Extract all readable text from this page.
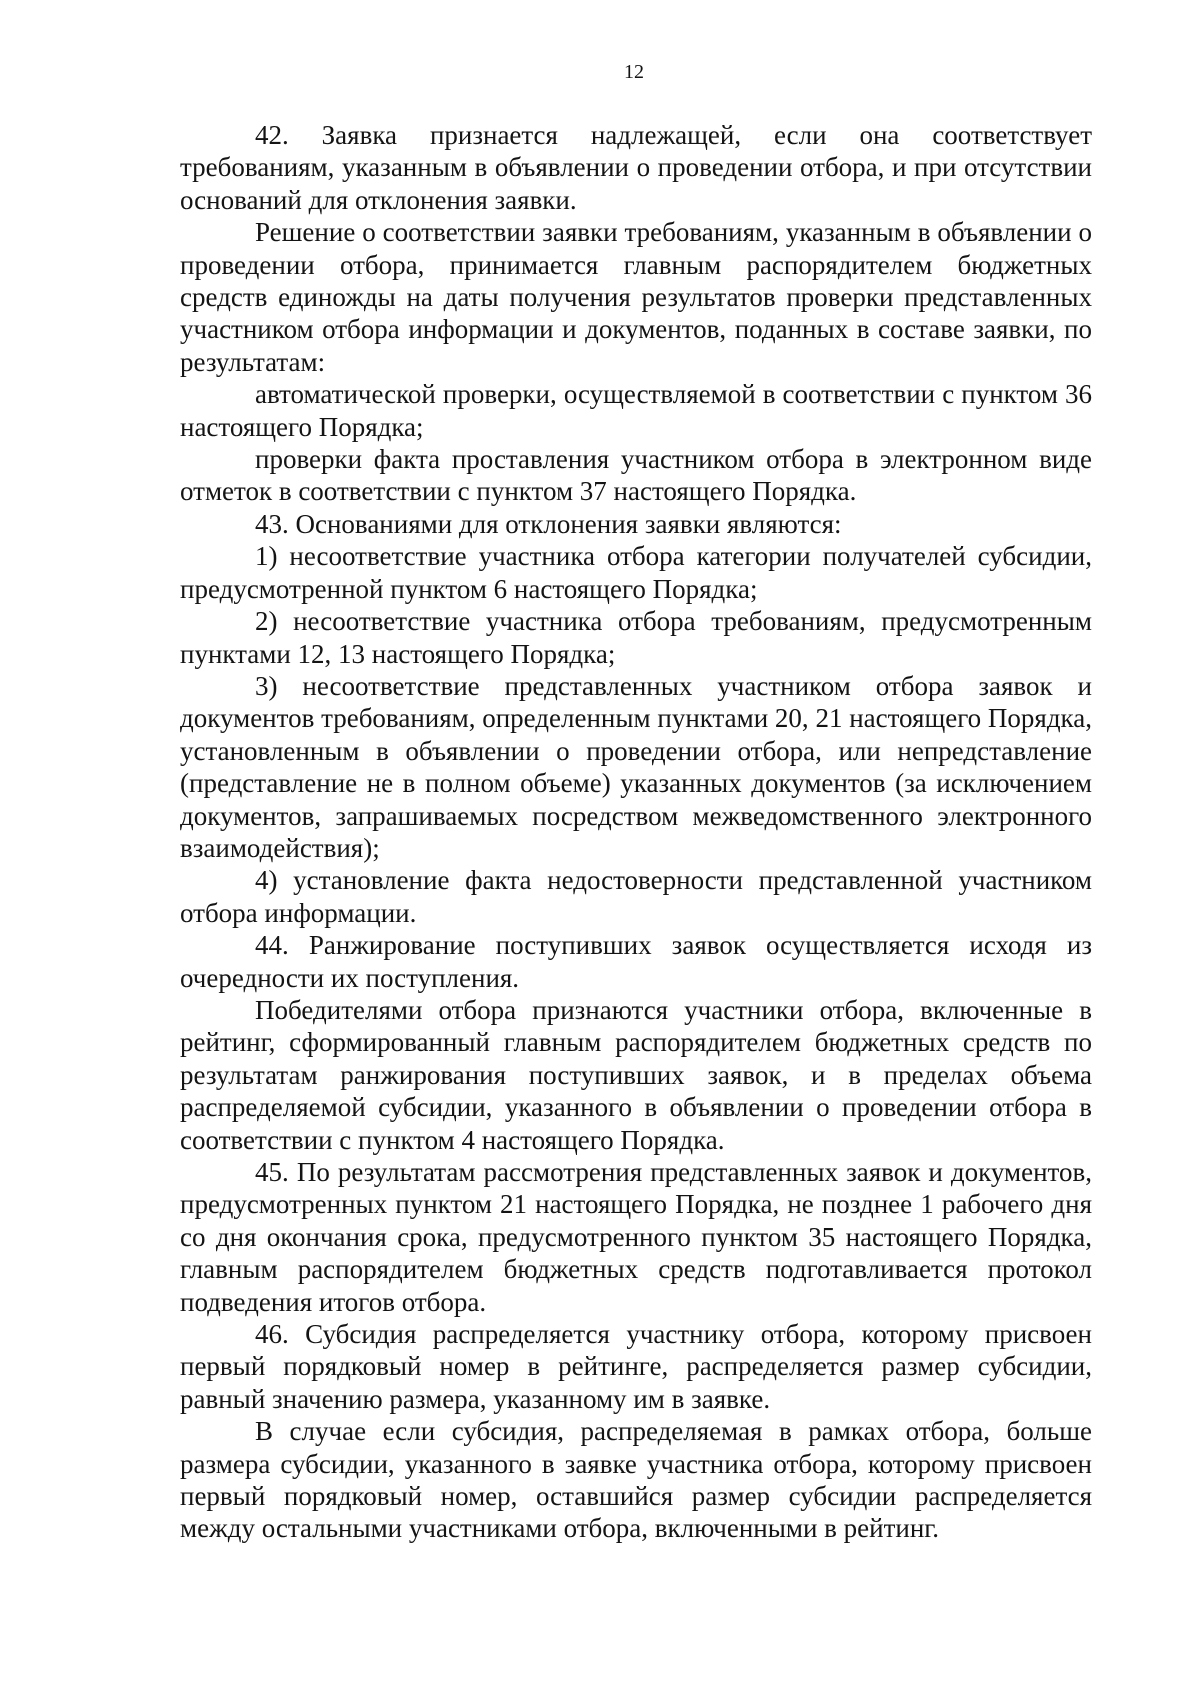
12

42. Заявка признается надлежащей, если она соответствует требованиям, указанным в объявлении о проведении отбора, и при отсутствии оснований для отклонения заявки.

Решение о соответствии заявки требованиям, указанным в объявлении о проведении отбора, принимается главным распорядителем бюджетных средств единожды на даты получения результатов проверки представленных участником отбора информации и документов, поданных в составе заявки, по результатам:

автоматической проверки, осуществляемой в соответствии с пунктом 36 настоящего Порядка;

проверки факта проставления участником отбора в электронном виде отметок в соответствии с пунктом 37 настоящего Порядка.

43. Основаниями для отклонения заявки являются:

1) несоответствие участника отбора категории получателей субсидии, предусмотренной пунктом 6 настоящего Порядка;

2) несоответствие участника отбора требованиям, предусмотренным пунктами 12, 13 настоящего Порядка;

3) несоответствие представленных участником отбора заявок и документов требованиям, определенным пунктами 20, 21 настоящего Порядка, установленным в объявлении о проведении отбора, или непредставление (представление не в полном объеме) указанных документов (за исключением документов, запрашиваемых посредством межведомственного электронного взаимодействия);

4) установление факта недостоверности представленной участником отбора информации.

44. Ранжирование поступивших заявок осуществляется исходя из очередности их поступления.

Победителями отбора признаются участники отбора, включенные в рейтинг, сформированный главным распорядителем бюджетных средств по результатам ранжирования поступивших заявок, и в пределах объема распределяемой субсидии, указанного в объявлении о проведении отбора в соответствии с пунктом 4 настоящего Порядка.

45. По результатам рассмотрения представленных заявок и документов, предусмотренных пунктом 21 настоящего Порядка, не позднее 1 рабочего дня со дня окончания срока, предусмотренного пунктом 35 настоящего Порядка, главным распорядителем бюджетных средств подготавливается протокол подведения итогов отбора.

46. Субсидия распределяется участнику отбора, которому присвоен первый порядковый номер в рейтинге, распределяется размер субсидии, равный значению размера, указанному им в заявке.

В случае если субсидия, распределяемая в рамках отбора, больше размера субсидии, указанного в заявке участника отбора, которому присвоен первый порядковый номер, оставшийся размер субсидии распределяется между остальными участниками отбора, включенными в рейтинг.
